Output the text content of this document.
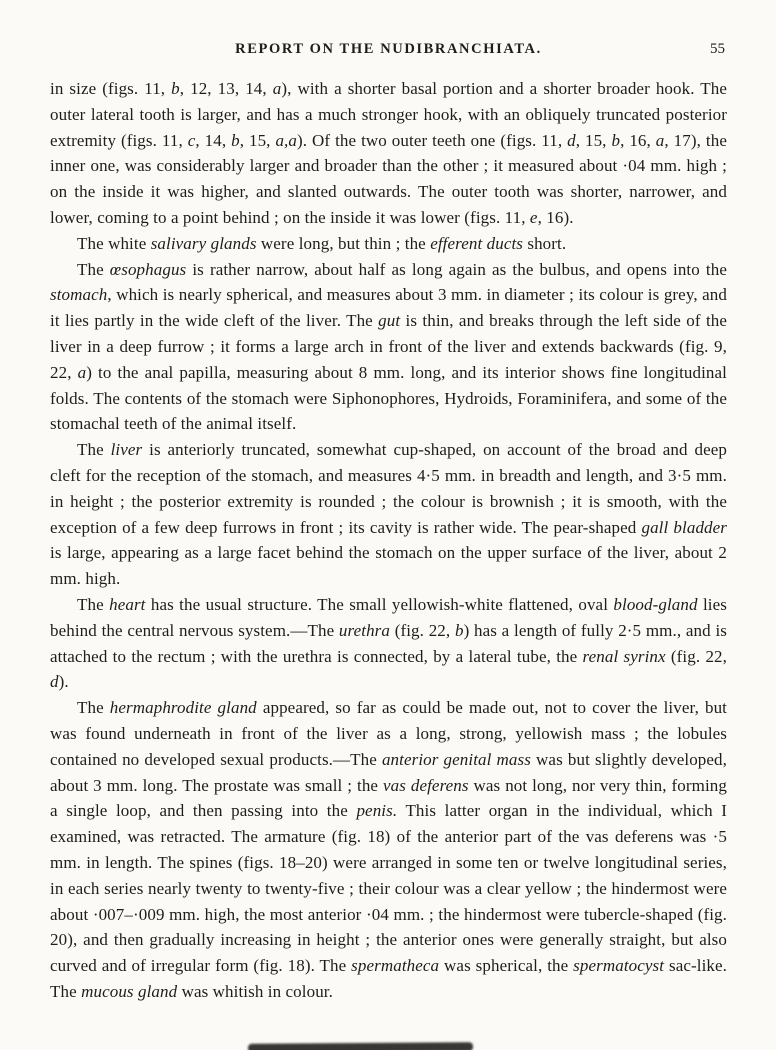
REPORT ON THE NUDIBRANCHIATA.	55

in size (figs. 11, b, 12, 13, 14, a), with a shorter basal portion and a shorter broader hook. The outer lateral tooth is larger, and has a much stronger hook, with an obliquely truncated posterior extremity (figs. 11, c, 14, b, 15, a,a). Of the two outer teeth one (figs. 11, d, 15, b, 16, a, 17), the inner one, was considerably larger and broader than the other ; it measured about ·04 mm. high ; on the inside it was higher, and slanted outwards. The outer tooth was shorter, narrower, and lower, coming to a point behind ; on the inside it was lower (figs. 11, e, 16).

The white salivary glands were long, but thin ; the efferent ducts short.

The œsophagus is rather narrow, about half as long again as the bulbus, and opens into the stomach, which is nearly spherical, and measures about 3 mm. in diameter ; its colour is grey, and it lies partly in the wide cleft of the liver. The gut is thin, and breaks through the left side of the liver in a deep furrow ; it forms a large arch in front of the liver and extends backwards (fig. 9, 22, a) to the anal papilla, measuring about 8 mm. long, and its interior shows fine longitudinal folds. The contents of the stomach were Siphonophores, Hydroids, Foraminifera, and some of the stomachal teeth of the animal itself.

The liver is anteriorly truncated, somewhat cup-shaped, on account of the broad and deep cleft for the reception of the stomach, and measures 4·5 mm. in breadth and length, and 3·5 mm. in height ; the posterior extremity is rounded ; the colour is brownish ; it is smooth, with the exception of a few deep furrows in front ; its cavity is rather wide. The pear-shaped gall bladder is large, appearing as a large facet behind the stomach on the upper surface of the liver, about 2 mm. high.

The heart has the usual structure. The small yellowish-white flattened, oval blood-gland lies behind the central nervous system.—The urethra (fig. 22, b) has a length of fully 2·5 mm., and is attached to the rectum ; with the urethra is connected, by a lateral tube, the renal syrinx (fig. 22, d).

The hermaphrodite gland appeared, so far as could be made out, not to cover the liver, but was found underneath in front of the liver as a long, strong, yellowish mass ; the lobules contained no developed sexual products.—The anterior genital mass was but slightly developed, about 3 mm. long. The prostate was small ; the vas deferens was not long, nor very thin, forming a single loop, and then passing into the penis. This latter organ in the individual, which I examined, was retracted. The armature (fig. 18) of the anterior part of the vas deferens was ·5 mm. in length. The spines (figs. 18–20) were arranged in some ten or twelve longitudinal series, in each series nearly twenty to twenty-five ; their colour was a clear yellow ; the hindermost were about ·007–·009 mm. high, the most anterior ·04 mm. ; the hindermost were tubercle-shaped (fig. 20), and then gradually increasing in height ; the anterior ones were generally straight, but also curved and of irregular form (fig. 18). The spermatheca was spherical, the spermatocyst sac-like. The mucous gland was whitish in colour.
